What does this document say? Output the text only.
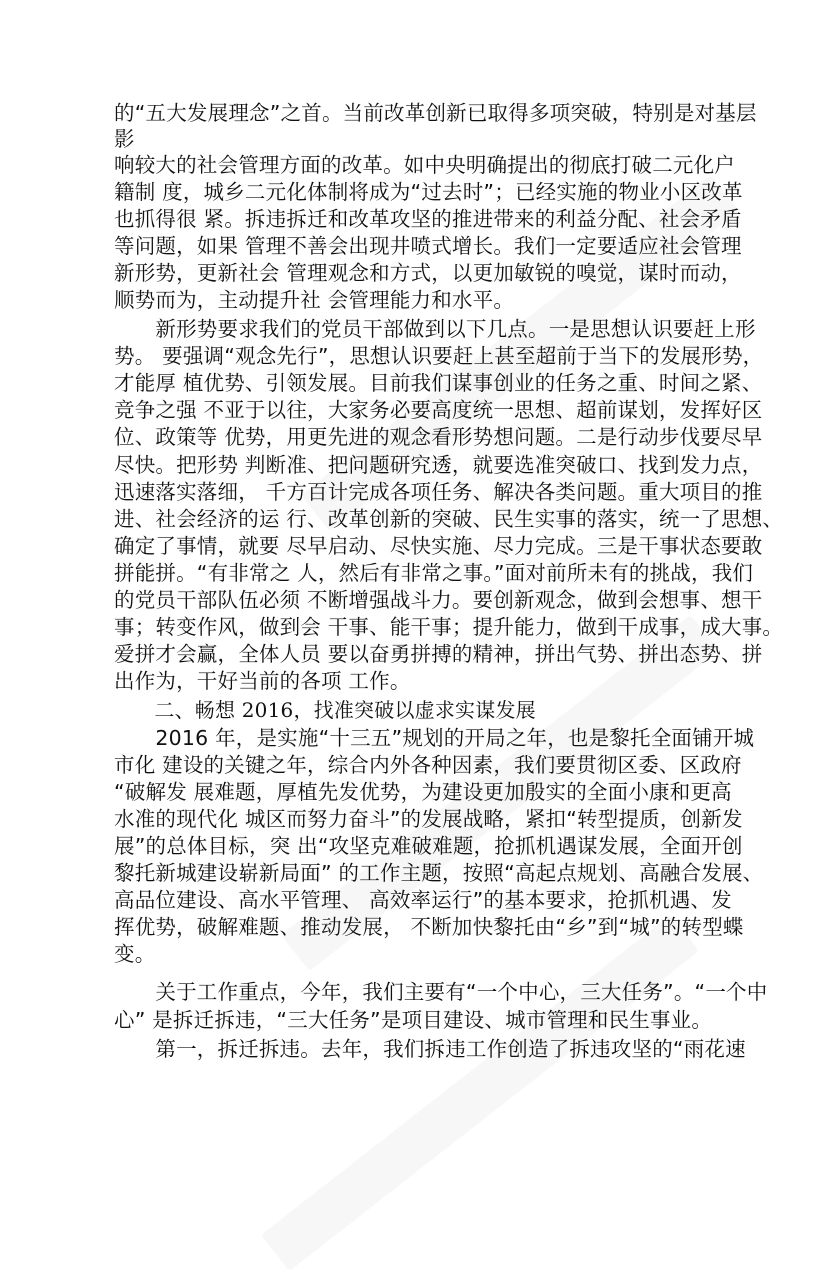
的“五大发展理念”之首。当前改革创新已取得多项突破，特别是对基层
影
响较大的社会管理方面的改革。如中央明确提出的彻底打破二元化户
籍制 度，城乡二元化体制将成为“过去时”；已经实施的物业小区改革
也抓得很 紧。拆违拆迁和改革攻坚的推进带来的利益分配、社会矛盾
等问题，如果 管理不善会出现井喷式增长。我们一定要适应社会管理
新形势，更新社会 管理观念和方式，以更加敏锐的嗅觉，谋时而动，
顺势而为，主动提升社 会管理能力和水平。
　　新形势要求我们的党员干部做到以下几点。一是思想认识要赶上形
势。 要强调“观念先行”，思想认识要赶上甚至超前于当下的发展形势，
才能厚 植优势、引领发展。目前我们谋事创业的任务之重、时间之紧、
竞争之强 不亚于以往，大家务必要高度统一思想、超前谋划，发挥好区
位、政策等 优势，用更先进的观念看形势想问题。二是行动步伐要尽早
尽快。把形势 判断准、把问题研究透，就要选准突破口、找到发力点，
迅速落实落细， 千方百计完成各项任务、解决各类问题。重大项目的推
进、社会经济的运 行、改革创新的突破、民生实事的落实，统一了思想、
确定了事情，就要 尽早启动、尽快实施、尽力完成。三是干事状态要敢
拼能拼。“有非常之 人，然后有非常之事。”面对前所未有的挑战，我们
的党员干部队伍必须 不断增强战斗力。要创新观念，做到会想事、想干
事；转变作风，做到会 干事、能干事；提升能力，做到干成事，成大事。
爱拼才会赢，全体人员 要以奋勇拼搏的精神，拼出气势、拼出态势、拼
出作为，干好当前的各项 工作。
　　二、畅想 2016，找准突破以虚求实谋发展
　　2016 年，是实施“十三五”规划的开局之年，也是黎托全面铺开城
市化 建设的关键之年，综合内外各种因素，我们要贯彻区委、区政府
“破解发 展难题，厚植先发优势，为建设更加殷实的全面小康和更高
水准的现代化 城区而努力奋斗”的发展战略，紧扣“转型提质，创新发
展”的总体目标，突 出“攻坚克难破难题，抢抓机遇谋发展，全面开创
黎托新城建设崭新局面” 的工作主题，按照“高起点规划、高融合发展、
高品位建设、高水平管理、 高效率运行”的基本要求，抢抓机遇、发
挥优势，破解难题、推动发展， 不断加快黎托由“乡”到“城”的转型蝶
变。
　　关于工作重点，今年，我们主要有“一个中心，三大任务”。“一个中
心” 是拆迁拆违，“三大任务”是项目建设、城市管理和民生事业。
　　第一，拆迁拆违。去年，我们拆违工作创造了拆违攻坚的“雨花速
